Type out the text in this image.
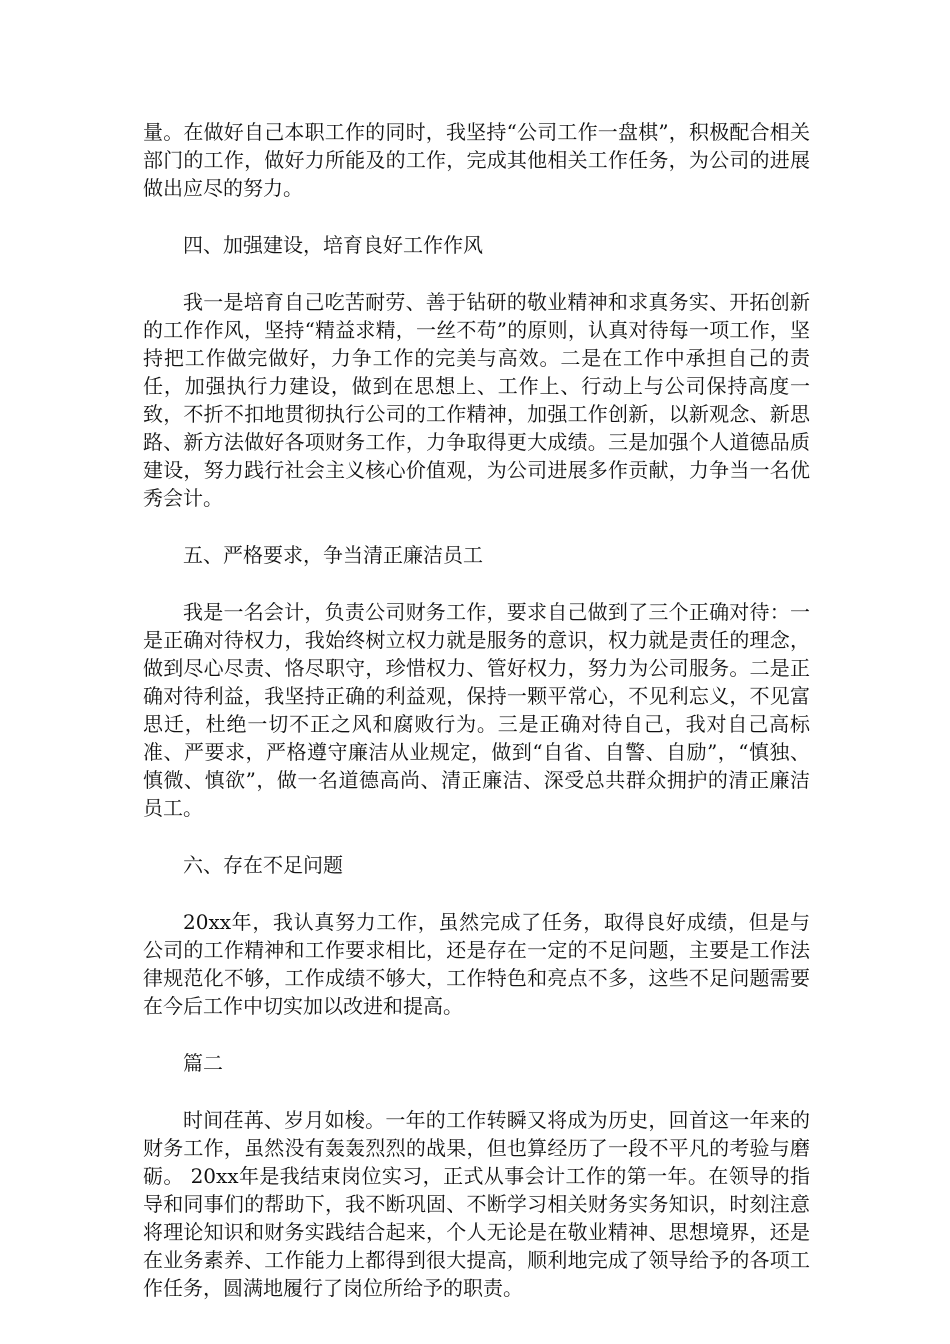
量。在做好自己本职工作的同时，我坚持“公司工作一盘棋”，积极配合相关部门的工作，做好力所能及的工作，完成其他相关工作任务，为公司的进展做出应尽的努力。

四、加强建设，培育良好工作作风

我一是培育自己吃苦耐劳、善于钻研的敬业精神和求真务实、开拓创新的工作作风，坚持“精益求精，一丝不苟”的原则，认真对待每一项工作，坚持把工作做完做好，力争工作的完美与高效。二是在工作中承担自己的责任，加强执行力建设，做到在思想上、工作上、行动上与公司保持高度一致，不折不扣地贯彻执行公司的工作精神，加强工作创新，以新观念、新思路、新方法做好各项财务工作，力争取得更大成绩。三是加强个人道德品质建设，努力践行社会主义核心价值观，为公司进展多作贡献，力争当一名优秀会计。

五、严格要求，争当清正廉洁员工

我是一名会计，负责公司财务工作，要求自己做到了三个正确对待：一是正确对待权力，我始终树立权力就是服务的意识，权力就是责任的理念，做到尽心尽责、恪尽职守，珍惜权力、管好权力，努力为公司服务。二是正确对待利益，我坚持正确的利益观，保持一颗平常心，不见利忘义，不见富思迁，杜绝一切不正之风和腐败行为。三是正确对待自己，我对自己高标准、严要求，严格遵守廉洁从业规定，做到“自省、自警、自励”，“慎独、慎微、慎欲”，做一名道德高尚、清正廉洁、深受总共群众拥护的清正廉洁员工。

六、存在不足问题

20xx年，我认真努力工作，虽然完成了任务，取得良好成绩，但是与公司的工作精神和工作要求相比，还是存在一定的不足问题，主要是工作法律规范化不够，工作成绩不够大，工作特色和亮点不多，这些不足问题需要在今后工作中切实加以改进和提高。

篇二

时间荏苒、岁月如梭。一年的工作转瞬又将成为历史，回首这一年来的财务工作，虽然没有轰轰烈烈的战果，但也算经历了一段不平凡的考验与磨砺。 20xx年是我结束岗位实习，正式从事会计工作的第一年。在领导的指导和同事们的帮助下，我不断巩固、不断学习相关财务实务知识，时刻注意将理论知识和财务实践结合起来，个人无论是在敬业精神、思想境界，还是在业务素养、工作能力上都得到很大提高，顺利地完成了领导给予的各项工作任务，圆满地履行了岗位所给予的职责。
